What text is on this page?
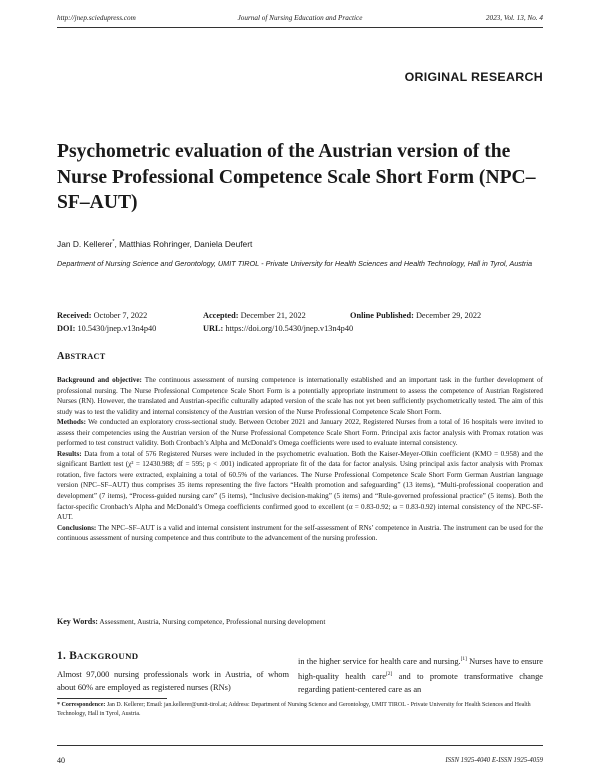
http://jnep.sciedupress.com	Journal of Nursing Education and Practice	2023, Vol. 13, No. 4
ORIGINAL RESEARCH
Psychometric evaluation of the Austrian version of the Nurse Professional Competence Scale Short Form (NPC–SF–AUT)
Jan D. Kellerer*, Matthias Rohringer, Daniela Deufert
Department of Nursing Science and Gerontology, UMIT TIROL - Private University for Health Sciences and Health Technology, Hall in Tyrol, Austria
Received: October 7, 2022	Accepted: December 21, 2022	Online Published: December 29, 2022
DOI: 10.5430/jnep.v13n4p40	URL: https://doi.org/10.5430/jnep.v13n4p40
ABSTRACT

Background and objective: The continuous assessment of nursing competence is internationally established and an important task in the further development of professional nursing. The Nurse Professional Competence Scale Short Form is a potentially appropriate instrument to assess the competence of Austrian Registered Nurses (RN). However, the translated and Austrian-specific culturally adapted version of the scale has not yet been sufficiently psychometrically tested. The aim of this study was to test the validity and internal consistency of the Austrian version of the Nurse Professional Competence Scale Short Form.

Methods: We conducted an exploratory cross-sectional study. Between October 2021 and January 2022, Registered Nurses from a total of 16 hospitals were invited to assess their competencies using the Austrian version of the Nurse Professional Competence Scale Short Form. Principal axis factor analysis with Promax rotation was performed to test construct validity. Both Cronbach’s Alpha and McDonald’s Omega coefficients were used to evaluate internal consistency.

Results: Data from a total of 576 Registered Nurses were included in the psychometric evaluation. Both the Kaiser-Meyer-Olkin coefficient (KMO = 0.958) and the significant Bartlett test (χ² = 12430.988; df = 595; p < .001) indicated appropriate fit of the data for factor analysis. Using principal axis factor analysis with Promax rotation, five factors were extracted, explaining a total of 60.5% of the variances. The Nurse Professional Competence Scale Short Form German Austrian language version (NPC–SF–AUT) thus comprises 35 items representing the five factors “Health promotion and safeguarding” (13 items), “Multi-professional cooperation and development” (7 items), “Process-guided nursing care” (5 items), “Inclusive decision-making” (5 items) and “Rule-governed professional practice” (5 items). Both the factor-specific Cronbach’s Alpha and McDonald’s Omega coefficients confirmed good to excellent (α = 0.83-0.92; ω = 0.83-0.92) internal consistency of the NPC-SF-AUT.

Conclusions: The NPC–SF–AUT is a valid and internal consistent instrument for the self-assessment of RNs’ competence in Austria. The instrument can be used for the continuous assessment of nursing competence and thus contribute to the advancement of the nursing profession.

Key Words: Assessment, Austria, Nursing competence, Professional nursing development
1. BACKGROUND

Almost 97,000 nursing professionals work in Austria, of whom about 60% are employed as registered nurses (RNs)

in the higher service for health care and nursing.[1] Nurses have to ensure high-quality health care[2] and to promote transformative change regarding patient-centered care as an

* Correspondence: Jan D. Kellerer; Email: jan.kellerer@umit-tirol.at; Address: Department of Nursing Science and Gerontology, UMIT TIROL - Private University for Health Sciences and Health Technology, Hall in Tyrol, Austria.
40	ISSN 1925-4040 E-ISSN 1925-4059
